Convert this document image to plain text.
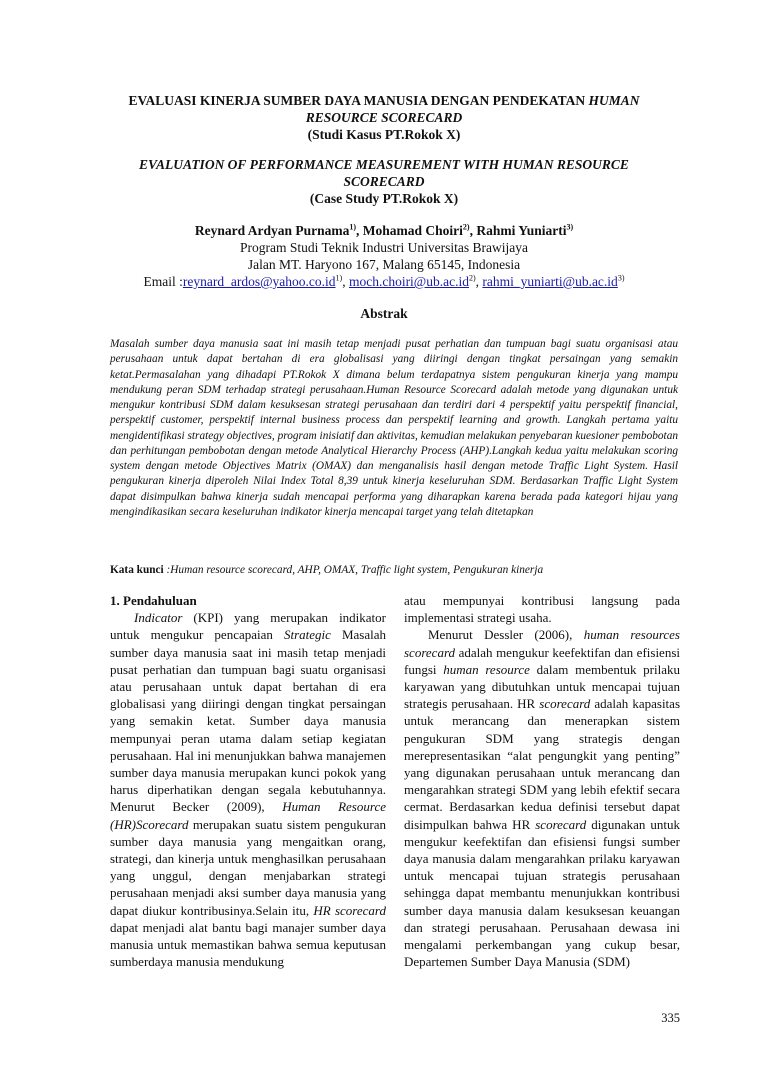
EVALUASI KINERJA SUMBER DAYA MANUSIA DENGAN PENDEKATAN HUMAN

RESOURCE SCORECARD

(Studi Kasus PT.Rokok X)

EVALUATION OF PERFORMANCE MEASUREMENT WITH HUMAN RESOURCE

SCORECARD

(Case Study PT.Rokok X)

Reynard Ardyan Purnama$^{1)}$, Mohamad Choiri$^{2)}$, Rahmi Yuniarti$^{3)}$
Program Studi Teknik Industri Universitas Brawijaya
Jalan MT. Haryono 167, Malang 65145, Indonesia
Email $:reynard\_ardos@yahoo.co.id^{1)}$, $moch.choiri@ub.ac.id^{2)}$, $rahmi\_yuniarti@ub.ac.id^{3)}$
Abstrak
Masalah sumber daya manusia saat ini masih tetap menjadi pusat perhatian dan tumpuan bagi suatu organisasi atau perusahaan untuk dapat bertahan di era globalisasi yang diiringi dengan tingkat persaingan yang semakin ketat.Permasalahan yang dihadapi PT.Rokok X dimana belum terdapatnya sistem pengukuran kinerja yang mampu mendukung peran SDM terhadap strategi perusahaan.Human Resource Scorecard adalah metode yang digunakan untuk mengukur kontribusi SDM dalam kesuksesan strategi perusahaan dan terdiri dari 4 perspektif yaitu perspektif financial, perspektif customer, perspektif internal business process dan perspektif learning and growth. Langkah pertama yaitu mengidentifikasi strategy objectives, program inisiatif dan aktivitas, kemudian melakukan penyebaran kuesioner pembobotan dan perhitungan pembobotan dengan metode Analytical Hierarchy Process (AHP).Langkah kedua yaitu melakukan scoring system dengan metode Objectives Matrix (OMAX) dan menganalisis hasil dengan metode Traffic Light System. Hasil pengukuran kinerja diperoleh Nilai Index Total 8,39 untuk kinerja keseluruhan SDM. Berdasarkan Traffic Light System dapat disimpulkan bahwa kinerja sudah mencapai performa yang diharapkan karena berada pada kategori hijau yang mengindikasikan secara keseluruhan indikator kinerja mencapai target yang telah ditetapkan
Kata kunci :Human resource scorecard, AHP, OMAX, Traffic light system, Pengukuran kinerja

1. Pendahuluan

Indicator (KPI) yang merupakan indikator untuk mengukur pencapaian Strategic Masalah sumber daya manusia saat ini masih tetap menjadi pusat perhatian dan tumpuan bagi suatu organisasi atau perusahaan untuk dapat bertahan di era globalisasi yang diiringi dengan tingkat persaingan yang semakin ketat. Sumber daya manusia mempunyai peran utama dalam setiap kegiatan perusahaan. Hal ini menunjukkan bahwa manajemen sumber daya manusia merupakan kunci pokok yang harus diperhatikan dengan segala kebutuhannya. Menurut Becker (2009), Human Resource (HR)Scorecard merupakan suatu sistem pengukuran sumber daya manusia yang mengaitkan orang, strategi, dan kinerja untuk menghasilkan perusahaan yang unggul, dengan menjabarkan strategi perusahaan menjadi aksi sumber daya manusia yang dapat diukur kontribusinya.Selain itu, HR scorecard dapat menjadi alat bantu bagi manajer sumber daya manusia untuk memastikan bahwa semua keputusan sumberdaya manusia mendukung

atau mempunyai kontribusi langsung pada implementasi strategi usaha.

Menurut Dessler (2006), human resources scorecard adalah mengukur keefektifan dan efisiensi fungsi human resource dalam membentuk prilaku karyawan yang dibutuhkan untuk mencapai tujuan strategis perusahaan. HR scorecard adalah kapasitas untuk merancang dan menerapkan sistem pengukuran SDM yang strategis dengan merepresentasikan “alat pengungkit yang penting” yang digunakan perusahaan untuk merancang dan mengarahkan strategi SDM yang lebih efektif secara cermat. Berdasarkan kedua definisi tersebut dapat disimpulkan bahwa HR scorecard digunakan untuk mengukur keefektifan dan efisiensi fungsi sumber daya manusia dalam mengarahkan prilaku karyawan untuk mencapai tujuan strategis perusahaan sehingga dapat membantu menunjukkan kontribusi sumber daya manusia dalam kesuksesan keuangan dan strategi perusahaan. Perusahaan dewasa ini mengalami perkembangan yang cukup besar, Departemen Sumber Daya Manusia (SDM)

335
